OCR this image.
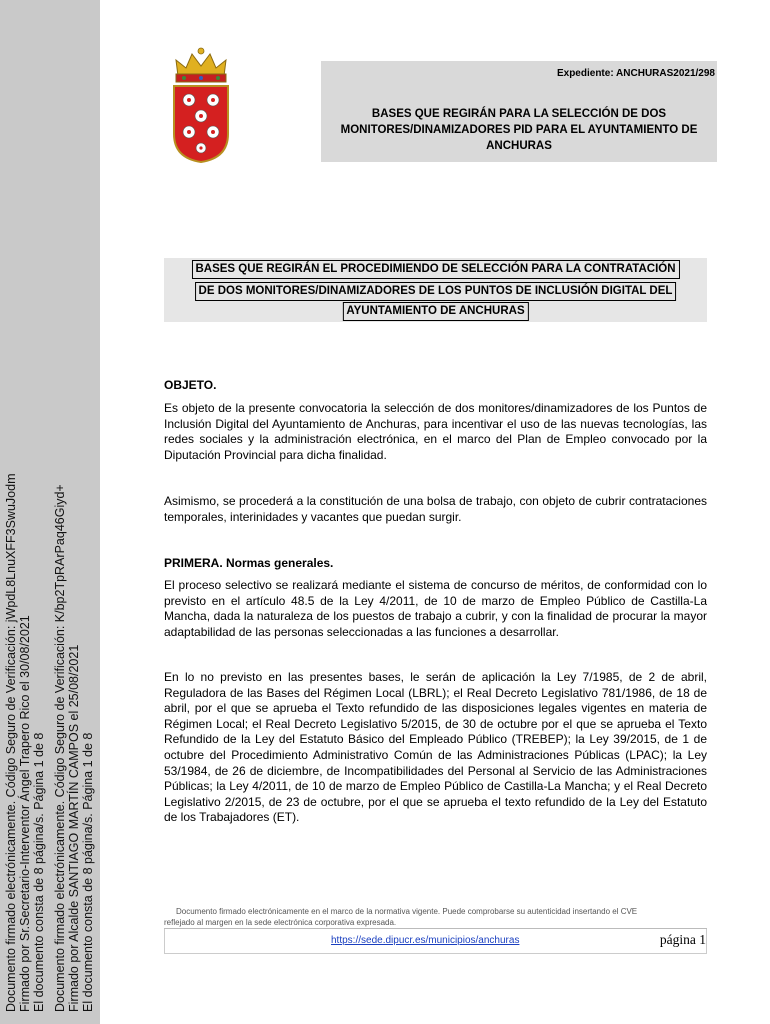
Documento firmado electrónicamente. Código Seguro de Verificación: jWpdL8LnuXFF3SwuJodm Firmado por Sr.Secretario-Interventor Ángel Trapero Rico el 30/08/2021 El documento consta de 8 página/s. Página 1 de 8 Documento firmado electrónicamente. Código Seguro de Verificación: K/bp2TpRArPaq46Giyd+ Firmado por Alcalde SANTIAGO MARTÍN CAMPOS el 25/08/2021 El documento consta de 8 página/s. Página 1 de 8
Expediente: ANCHURAS2021/298
BASES QUE REGIRÁN PARA LA SELECCIÓN DE DOS
MONITORES/DINAMIZADORES PID PARA EL AYUNTAMIENTO DE
ANCHURAS
BASES QUE REGIRÁN EL PROCEDIMIENDO DE SELECCIÓN PARA LA CONTRATACIÓN
DE DOS MONITORES/DINAMIZADORES DE LOS PUNTOS DE INCLUSIÓN DIGITAL DEL
AYUNTAMIENTO DE ANCHURAS
OBJETO.
Es objeto de la presente convocatoria la selección de dos monitores/dinamizadores de los Puntos de Inclusión Digital del Ayuntamiento de Anchuras, para incentivar el uso de las nuevas tecnologías, las redes sociales y la administración electrónica, en el marco del Plan de Empleo convocado por la Diputación Provincial para dicha finalidad.
Asimismo, se procederá a la constitución de una bolsa de trabajo, con objeto de cubrir contrataciones temporales, interinidades y vacantes que puedan surgir.
PRIMERA. Normas generales.
El proceso selectivo se realizará mediante el sistema de concurso de méritos, de conformidad con lo previsto en el artículo 48.5 de la Ley 4/2011, de 10 de marzo de Empleo Público de Castilla-La Mancha, dada la naturaleza de los puestos de trabajo a cubrir, y con la finalidad de procurar la mayor adaptabilidad de las personas seleccionadas a las funciones a desarrollar.
En lo no previsto en las presentes bases, le serán de aplicación la Ley 7/1985, de 2 de abril, Reguladora de las Bases del Régimen Local (LBRL); el Real Decreto Legislativo 781/1986, de 18 de abril, por el que se aprueba el Texto refundido de las disposiciones legales vigentes en materia de Régimen Local; el Real Decreto Legislativo 5/2015, de 30 de octubre por el que se aprueba el Texto Refundido de la Ley del Estatuto Básico del Empleado Público (TREBEP); la Ley 39/2015, de 1 de octubre del Procedimiento Administrativo Común de las Administraciones Públicas (LPAC); la Ley 53/1984, de 26 de diciembre, de Incompatibilidades del Personal al Servicio de las Administraciones Públicas; la Ley 4/2011, de 10 de marzo de Empleo Público de Castilla-La Mancha; y el Real Decreto Legislativo 2/2015, de 23 de octubre, por el que se aprueba el texto refundido de la Ley del Estatuto de los Trabajadores (ET).
Documento firmado electrónicamente en el marco de la normativa vigente. Puede comprobarse su autenticidad insertando el CVE
reflejado al margen en la sede electrónica corporativa expresada.
https://sede.dipucr.es/municipios/anchuras	página 1
